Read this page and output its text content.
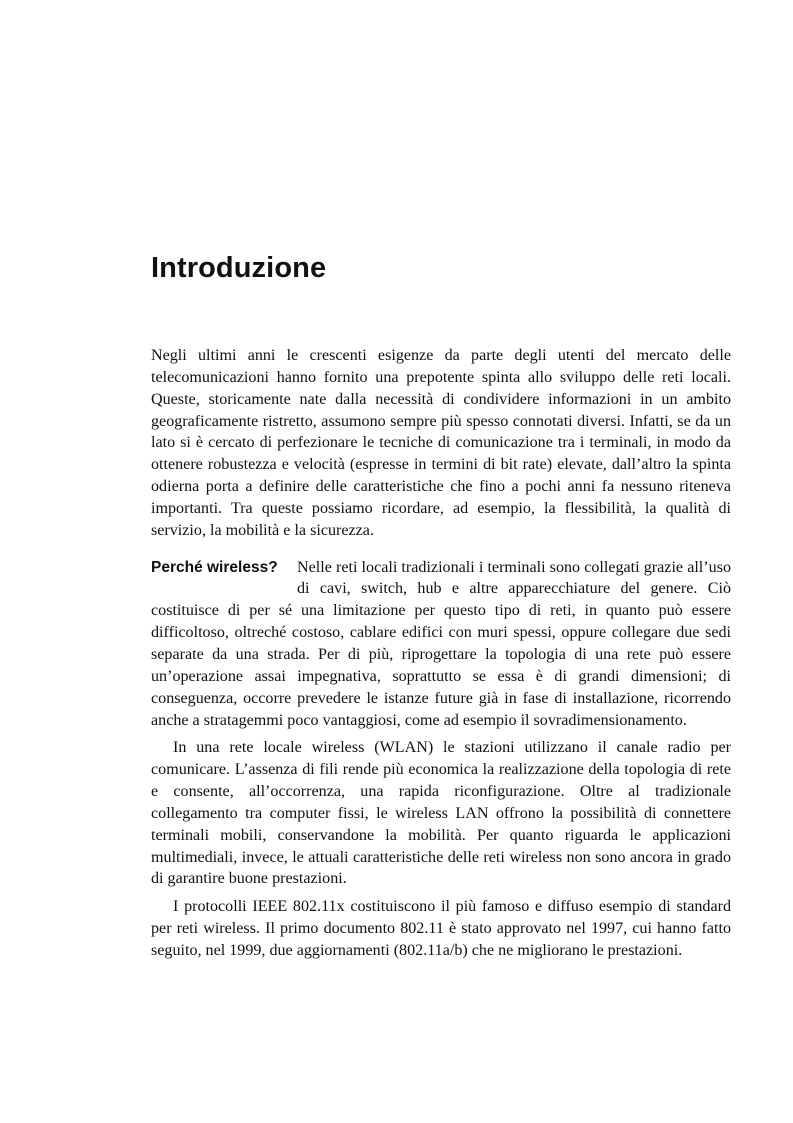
Introduzione

Negli ultimi anni le crescenti esigenze da parte degli utenti del mercato delle telecomunicazioni hanno fornito una prepotente spinta allo sviluppo delle reti locali. Queste, storicamente nate dalla necessità di condividere informazioni in un ambito geograficamente ristretto, assumono sempre più spesso connotati diversi. Infatti, se da un lato si è cercato di perfezionare le tecniche di comunicazione tra i terminali, in modo da ottenere robustezza e velocità (espresse in termini di bit rate) elevate, dall’altro la spinta odierna porta a definire delle caratteristiche che fino a pochi anni fa nessuno riteneva importanti. Tra queste possiamo ricordare, ad esempio, la flessibilità, la qualità di servizio, la mobilità e la sicurezza.

Perché wireless?	Nelle reti locali tradizionali i terminali sono collegati grazie all’uso di cavi, switch, hub e altre apparecchiature del genere. Ciò costituisce di per sé una limitazione per questo tipo di reti, in quanto può essere difficoltoso, oltreché costoso, cablare edifici con muri spessi, oppure collegare due sedi separate da una strada. Per di più, riprogettare la topologia di una rete può essere un’operazione assai impegnativa, soprattutto se essa è di grandi dimensioni; di conseguenza, occorre prevedere le istanze future già in fase di installazione, ricorrendo anche a stratagemmi poco vantaggiosi, come ad esempio il sovradimensionamento.

In una rete locale wireless (WLAN) le stazioni utilizzano il canale radio per comunicare. L’assenza di fili rende più economica la realizzazione della topologia di rete e consente, all’occorrenza, una rapida riconfigurazione. Oltre al tradizionale collegamento tra computer fissi, le wireless LAN offrono la possibilità di connettere terminali mobili, conservandone la mobilità. Per quanto riguarda le applicazioni multimediali, invece, le attuali caratteristiche delle reti wireless non sono ancora in grado di garantire buone prestazioni.

I protocolli IEEE 802.11x costituiscono il più famoso e diffuso esempio di standard per reti wireless. Il primo documento 802.11 è stato approvato nel 1997, cui hanno fatto seguito, nel 1999, due aggiornamenti (802.11a/b) che ne migliorano le prestazioni.
